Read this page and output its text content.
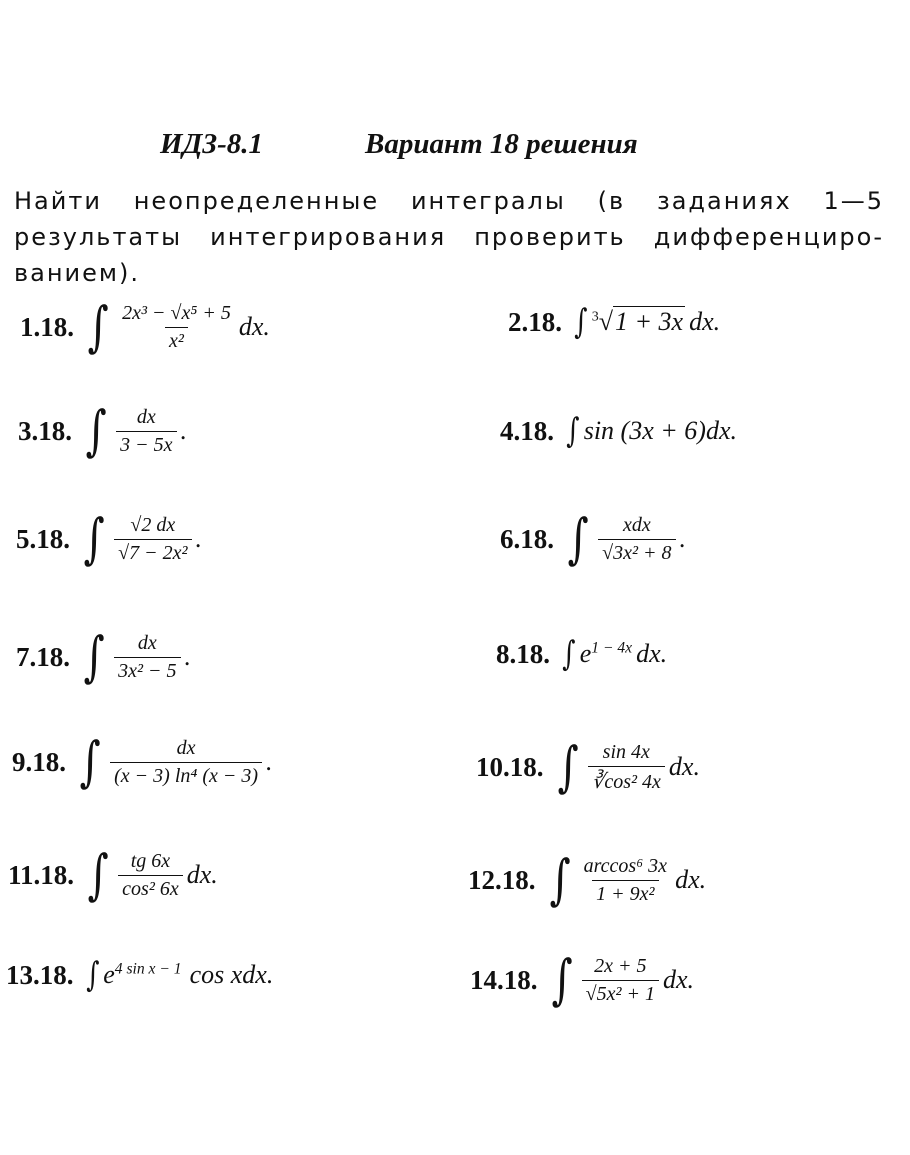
ИДЗ-8.1	Вариант 18 решения
Найти неопределенные интегралы (в заданиях 1—5
результаты интегрирования проверить дифференциро-
ванием).
1.18. ∫ $\frac{\text{2x³ − √x⁵ + 5}}{\text{x²}}$ dx.	2.18. ∫ $^3$√1 + 3x dx.
3.18. ∫ $\frac{dx}{3 - 5x}$ .	4.18. ∫ sin (3x + 6)dx.
5.18. ∫ $\frac{√2 dx}{\text{√7 − 2x²}}$ .	6.18. ∫ $\frac{\text{xdx}}{\text{√3x² + 8}}$ .
7.18. ∫ $\frac{dx}{\text{3x² − 5}}$ .	8.18. ∫ $e^{1 - 4x}$ dx.
9.18. ∫ $\frac{dx}{\text{(x − 3) ln⁴ (x − 3)}}$ .	10.18. ∫ $\frac{\sin 4x}{\text{∛cos² 4x}}$ dx.
11.18. ∫ $\frac{tg 6x}{\text{cos² 6x}}$ dx.	12.18. ∫ $\frac{\text{arccos⁶ 3x}}{\text{1 + 9x²}}$ dx.
13.18. ∫ $e^{4 sin x - 1}$ cos xdx.	14.18. ∫ $\frac{2x + 5}{\text{√5x² + 1}}$ dx.
